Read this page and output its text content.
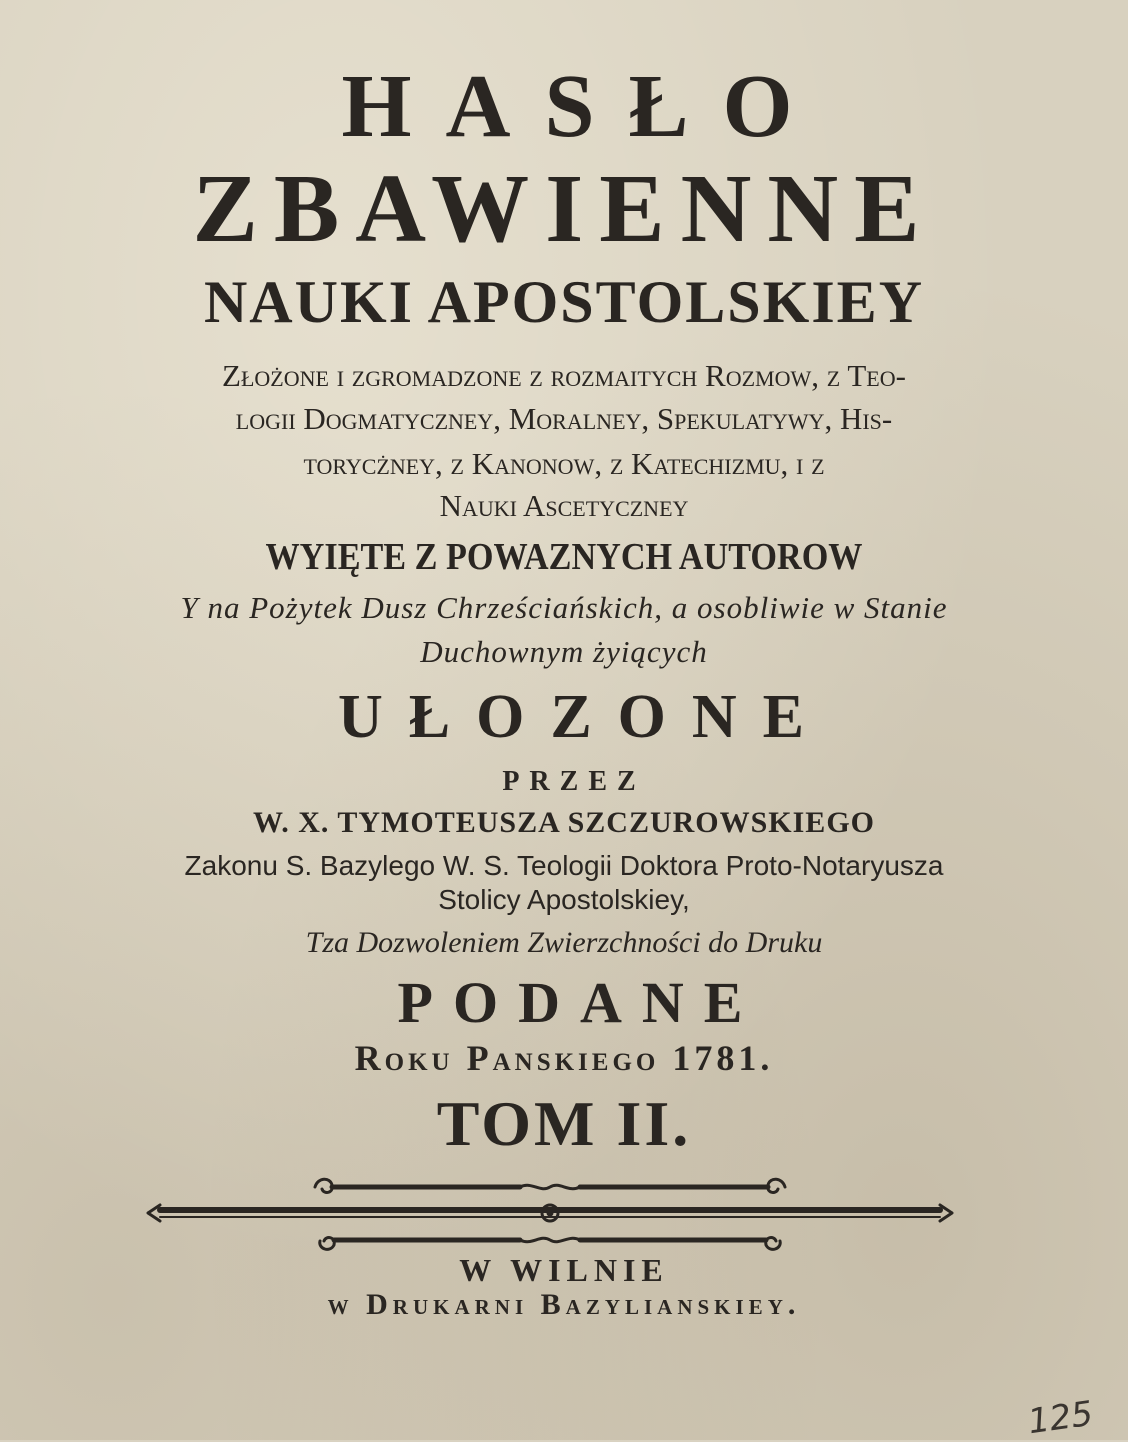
HASŁO
ZBAWIENNE
NAUKI APOSTOLSKIEY
Złożone i zgromadzone z rozmaitych Rozmow, z Teo-
logii Dogmatyczney, Moralney, Spekulatywy, His-
torycżney, z Kanonow, z Katechizmu, i z
Nauki Ascetyczney
WYIĘTE Z POWAZNYCH AUTOROW
Y na Pożytek Dusz Chrześciańskich, a osobliwie w Stanie
Duchownym żyiących
UŁOZONE
PRZEZ
W. X. TYMOTEUSZA SZCZUROWSKIEGO
Zakonu S. Bazylego W. S. Teologii Doktora Proto-Notaryusza
Stolicy Apostolskiey,
Tza Dozwoleniem Zwierzchności do Druku
PODANE
Roku Panskiego 1781.
TOM II.
W WILNIE
w Drukarni Bazylianskiey.
125
